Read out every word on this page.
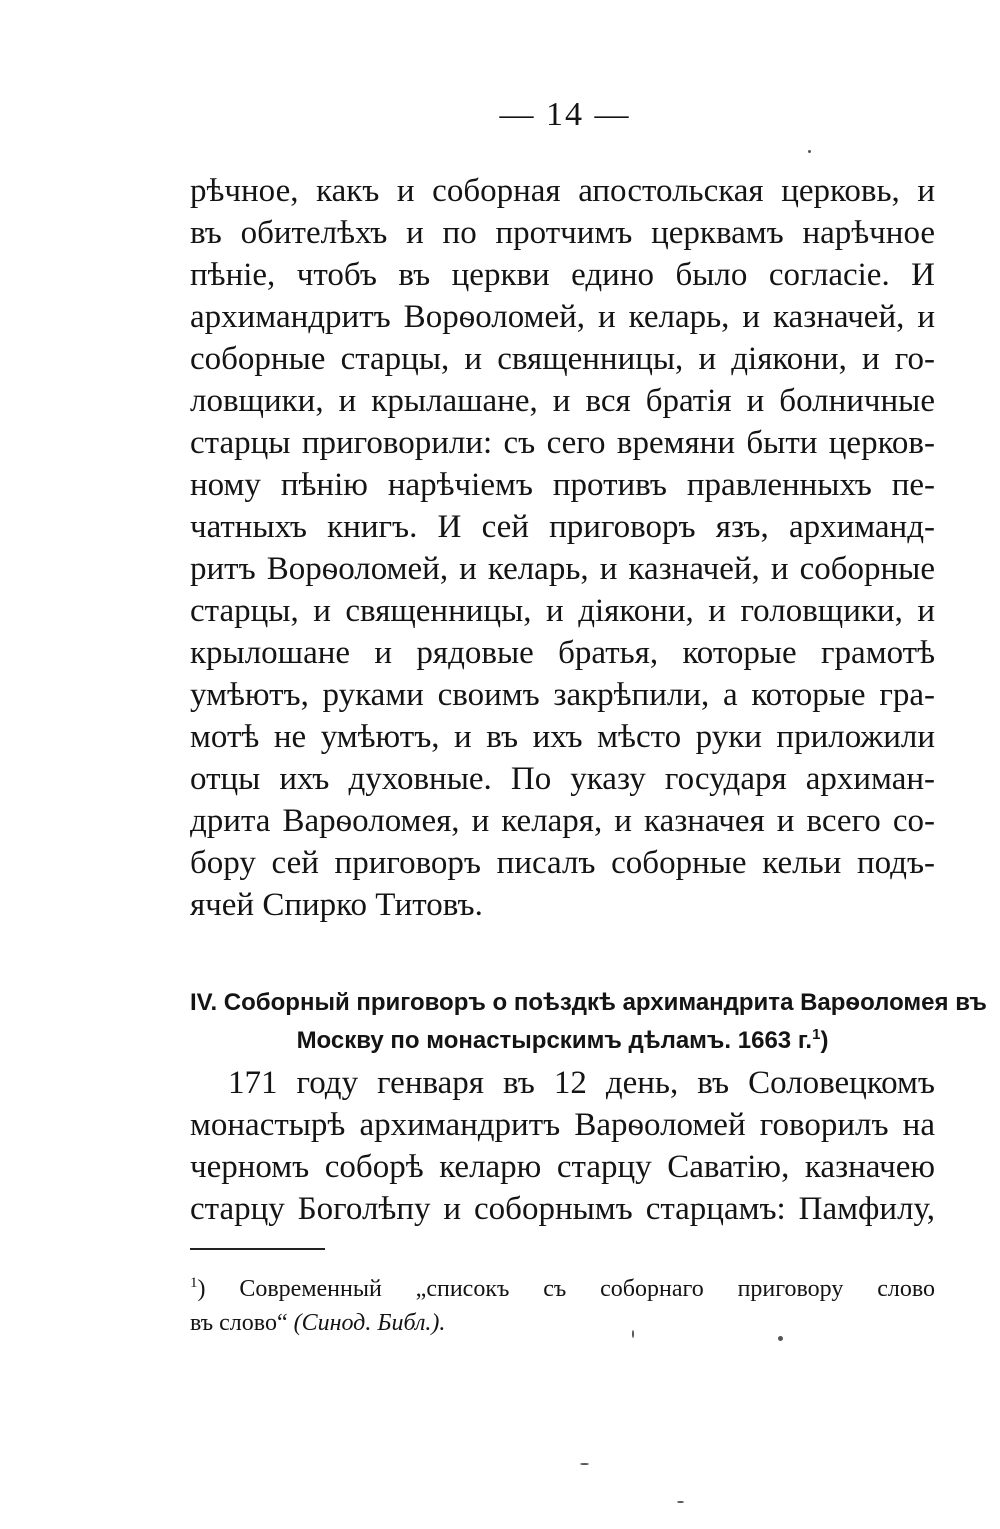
— 14 —
рѣчное, какъ и соборная апостольская церковь, и
въ обителѣхъ и по протчимъ церквамъ нарѣчное
пѣніе, чтобъ въ церкви едино было согласіе. И
архимандритъ Ворѳоломей, и келарь, и казначей, и
соборные старцы, и священницы, и діякони, и го-
ловщики, и крылашане, и вся братія и болничные
старцы приговорили: съ сего времяни быти церков-
ному пѣнію нарѣчіемъ противъ правленныхъ пе-
чатныхъ книгъ. И сей приговоръ язъ, архиманд-
ритъ Ворѳоломей, и келарь, и казначей, и соборные
старцы, и священницы, и діякони, и головщики, и
крылошане и рядовые братья, которые грамотѣ
умѣютъ, руками своимъ закрѣпили, а которые гра-
мотѣ не умѣютъ, и въ ихъ мѣсто руки приложили
отцы ихъ духовные. По указу государя архиман-
дрита Варѳоломея, и келаря, и казначея и всего со-
бору сей приговоръ писалъ соборные кельи подъ-
ячей Спирко Титовъ.
IV. Соборный приговоръ о поѣздкѣ архимандрита Варѳоломея въ
Москву по монастырскимъ дѣламъ. 1663 г.$^1$)
171 году генваря въ 12 день, въ Соловецкомъ
монастырѣ архимандритъ Варѳоломей говорилъ на
черномъ соборѣ келарю старцу Саватію, казначею
старцу Боголѣпу и соборнымъ старцамъ: Памфилу,
$^1$) Современный „списокъ съ соборнаго приговору слово
въ слово“ (Синод. Библ.).
